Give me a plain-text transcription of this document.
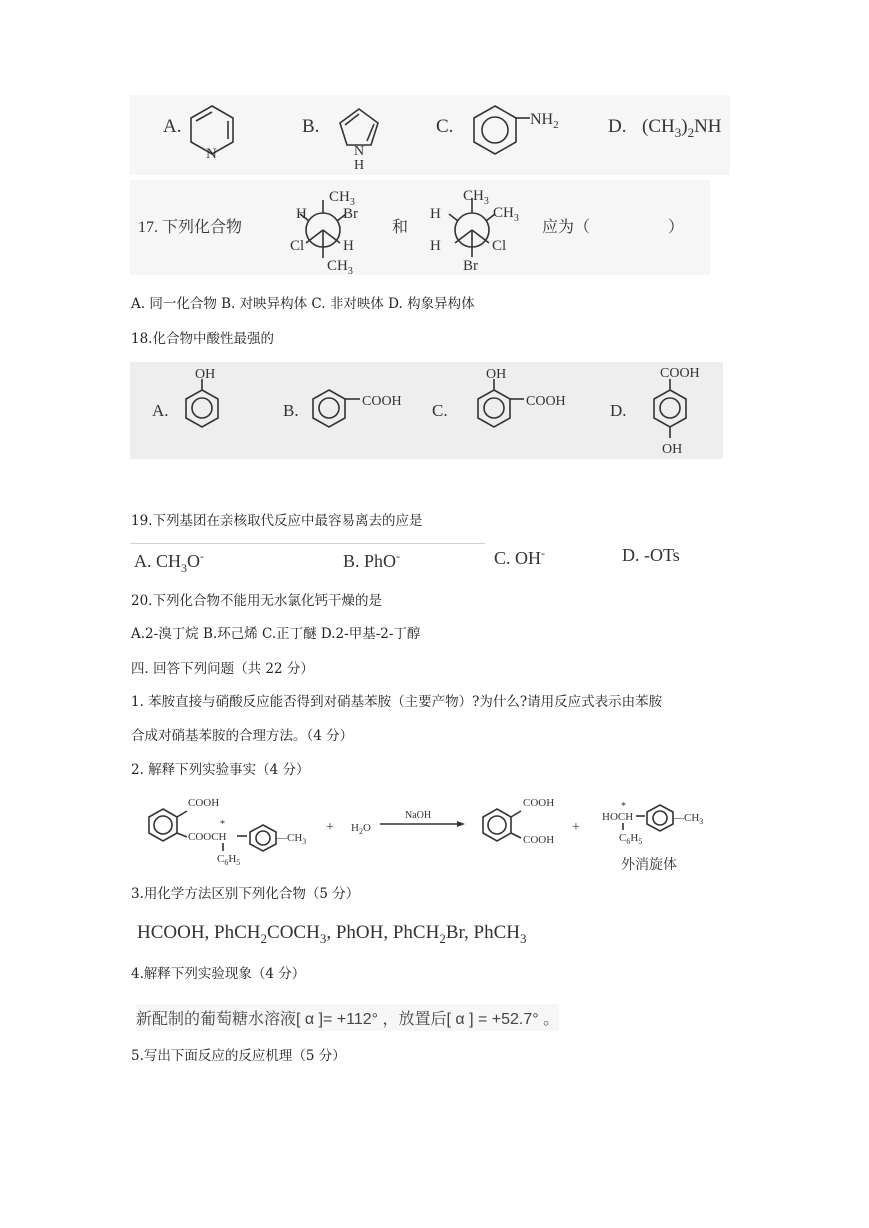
A.
N
B.
N
H
C.	$NH_2$	D. $(CH_3)_2NH$
17. 下列化合物
$CH_3$
H Br
Cl	H
$CH_3$
和
$CH_3$
$CH_3$
H
H	Cl
Br
应为（	）
A. 同一化合物 B. 对映异构体 C. 非对映体 D. 构象异构体
18.化合物中酸性最强的
A.
OH
B.	COOH C.
OH
COOH	D.
COOH
OH
19.下列基团在亲核取代反应中最容易离去的应是
A. $CH_3O^-$	B. PhO-	C. OH-	D. -OTs
20.下列化合物不能用无水氯化钙干燥的是
A.2-溴丁烷 B.环己烯 C.正丁醚 D.2-甲基-2-丁醇
四. 回答下列问题（共 22 分）
1. 苯胺直接与硝酸反应能否得到对硝基苯胺（主要产物）?为什么?请用反应式表示由苯胺
合成对硝基苯胺的合理方法。（4 分）
2. 解释下列实验事实（4 分）
COOH
*
COOCH	$—CH_3$
$C_6H_5$
+ $H_2O$
NaOH
COOH
COOH
+
*
HOCH	$—CH_3$
$C_6H_5$
外消旋体
3.用化学方法区别下列化合物（5 分）
HCOOH, $PhCH_2COCH_3$, PhOH, PhCH$_2$Br, PhCH$_3$
4.解释下列实验现象（4 分）
新配制的葡萄糖水溶液[ α ]= +112° ，放置后[ α ] = +52.7° 。
5.写出下面反应的反应机理（5 分）
